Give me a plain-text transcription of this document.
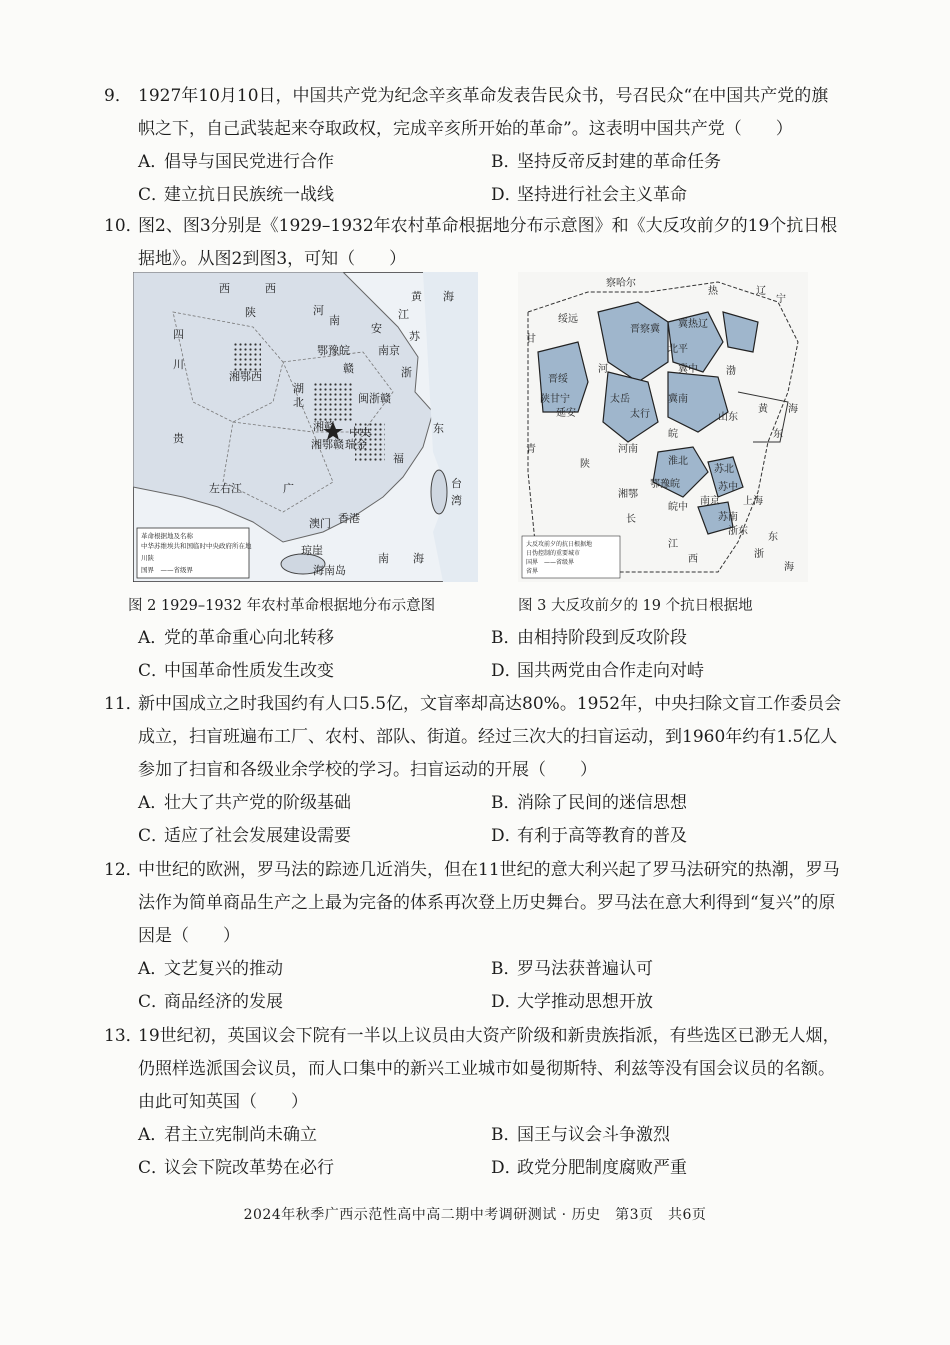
9． 1927年10月10日，中国共产党为纪念辛亥革命发表告民众书，号召民众“在中国共产党的旗帜之下，自己武装起来夺取政权，完成辛亥所开始的革命”。这表明中国共产党（　　）
A．倡导与国民党进行合作	B．坚持反帝反封建的革命任务
C．建立抗日民族统一战线	D．坚持进行社会主义革命
10．图2、图3分别是《1929–1932年农村革命根据地分布示意图》和《大反攻前夕的19个抗日根据地》。从图2到图3，可知（　　）
黄 海
西
河
南
陕	江
苏
安
四
川
鄂豫皖	南京
湘鄂西
湖
北	闽浙赣
湘赣 中央
瑞金
东
湘鄂赣
左右江	广
福
台
湾
香港
澳门
琼崖
海南岛
南 海
贵
浙
赣
西
革命根据地及名称
中华苏维埃共和国临时中央政府所在地
川陕
国界　——省级界
图 2 1929–1932 年农村革命根据地分布示意图
察哈尔
热	辽
宁
晋察冀 冀热辽
绥远
北平
晋绥
冀中	渤
陕甘宁
延安
冀南
山东
太岳
太行	黄 海
河南
淮北
苏北
鄂豫皖	苏中
南京 上海
皖中
苏南
浙东
湘鄂
东
江
西
长
甘
青
陕
皖
河
东
浙
海
大反攻前夕的抗日根据地
日伪控制的重要城市
国界　——省级界
省界
图 3 大反攻前夕的 19 个抗日根据地
A．党的革命重心向北转移	B．由相持阶段到反攻阶段
C．中国革命性质发生改变	D．国共两党由合作走向对峙
11．新中国成立之时我国约有人口5.5亿，文盲率却高达80%。1952年，中央扫除文盲工作委员会成立，扫盲班遍布工厂、农村、部队、街道。经过三次大的扫盲运动，到1960年约有1.5亿人参加了扫盲和各级业余学校的学习。扫盲运动的开展（　　）
A．壮大了共产党的阶级基础	B．消除了民间的迷信思想
C．适应了社会发展建设需要	D．有利于高等教育的普及
12．中世纪的欧洲，罗马法的踪迹几近消失，但在11世纪的意大利兴起了罗马法研究的热潮，罗马法作为简单商品生产之上最为完备的体系再次登上历史舞台。罗马法在意大利得到“复兴”的原因是（　　）
A．文艺复兴的推动	B．罗马法获普遍认可
C．商品经济的发展	D．大学推动思想开放
13．19世纪初，英国议会下院有一半以上议员由大资产阶级和新贵族指派，有些选区已渺无人烟，仍照样选派国会议员，而人口集中的新兴工业城市如曼彻斯特、利兹等没有国会议员的名额。由此可知英国（　　）
A．君主立宪制尚未确立	B．国王与议会斗争激烈
C．议会下院改革势在必行	D．政党分肥制度腐败严重
2024年秋季广西示范性高中高二期中考调研测试 · 历史　第3页　共6页
